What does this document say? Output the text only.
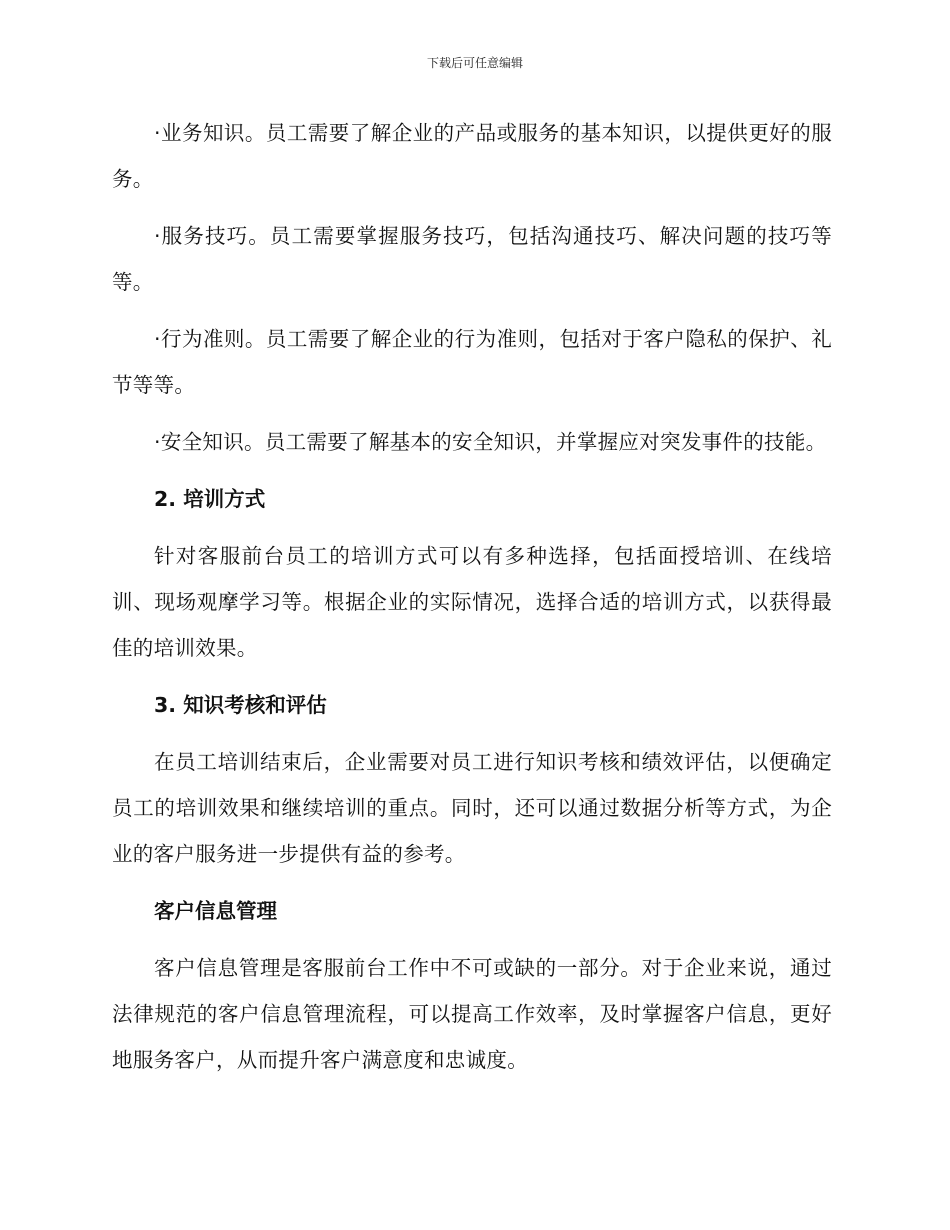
下载后可任意编辑

·业务知识。员工需要了解企业的产品或服务的基本知识，以提供更好的服务。

·服务技巧。员工需要掌握服务技巧，包括沟通技巧、解决问题的技巧等等。

·行为准则。员工需要了解企业的行为准则，包括对于客户隐私的保护、礼节等等。

·安全知识。员工需要了解基本的安全知识，并掌握应对突发事件的技能。

2. 培训方式

针对客服前台员工的培训方式可以有多种选择，包括面授培训、在线培训、现场观摩学习等。根据企业的实际情况，选择合适的培训方式，以获得最佳的培训效果。

3. 知识考核和评估

在员工培训结束后，企业需要对员工进行知识考核和绩效评估，以便确定员工的培训效果和继续培训的重点。同时，还可以通过数据分析等方式，为企业的客户服务进一步提供有益的参考。

客户信息管理

客户信息管理是客服前台工作中不可或缺的一部分。对于企业来说，通过法律规范的客户信息管理流程，可以提高工作效率，及时掌握客户信息，更好地服务客户，从而提升客户满意度和忠诚度。
